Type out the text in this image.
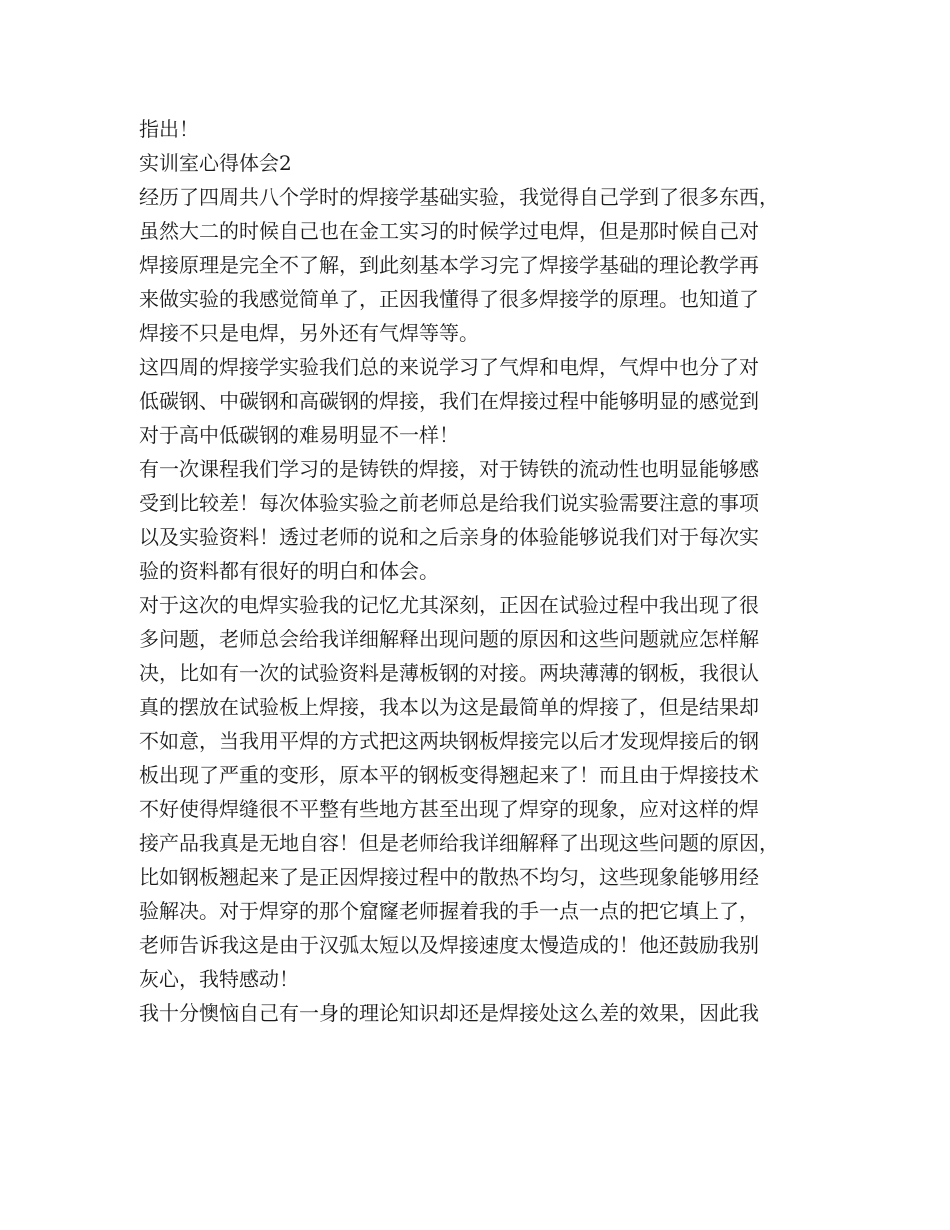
指出！
实训室心得体会2
经历了四周共八个学时的焊接学基础实验，我觉得自己学到了很多东西，
虽然大二的时候自己也在金工实习的时候学过电焊，但是那时候自己对
焊接原理是完全不了解，到此刻基本学习完了焊接学基础的理论教学再
来做实验的我感觉简单了，正因我懂得了很多焊接学的原理。也知道了
焊接不只是电焊，另外还有气焊等等。
这四周的焊接学实验我们总的来说学习了气焊和电焊，气焊中也分了对
低碳钢、中碳钢和高碳钢的焊接，我们在焊接过程中能够明显的感觉到
对于高中低碳钢的难易明显不一样！
有一次课程我们学习的是铸铁的焊接，对于铸铁的流动性也明显能够感
受到比较差！每次体验实验之前老师总是给我们说实验需要注意的事项
以及实验资料！透过老师的说和之后亲身的体验能够说我们对于每次实
验的资料都有很好的明白和体会。
对于这次的电焊实验我的记忆尤其深刻，正因在试验过程中我出现了很
多问题，老师总会给我详细解释出现问题的原因和这些问题就应怎样解
决，比如有一次的试验资料是薄板钢的对接。两块薄薄的钢板，我很认
真的摆放在试验板上焊接，我本以为这是最简单的焊接了，但是结果却
不如意，当我用平焊的方式把这两块钢板焊接完以后才发现焊接后的钢
板出现了严重的变形，原本平的钢板变得翘起来了！而且由于焊接技术
不好使得焊缝很不平整有些地方甚至出现了焊穿的现象，应对这样的焊
接产品我真是无地自容！但是老师给我详细解释了出现这些问题的原因，
比如钢板翘起来了是正因焊接过程中的散热不均匀，这些现象能够用经
验解决。对于焊穿的那个窟窿老师握着我的手一点一点的把它填上了，
老师告诉我这是由于汉弧太短以及焊接速度太慢造成的！他还鼓励我别
灰心，我特感动！
我十分懊恼自己有一身的理论知识却还是焊接处这么差的效果，因此我
